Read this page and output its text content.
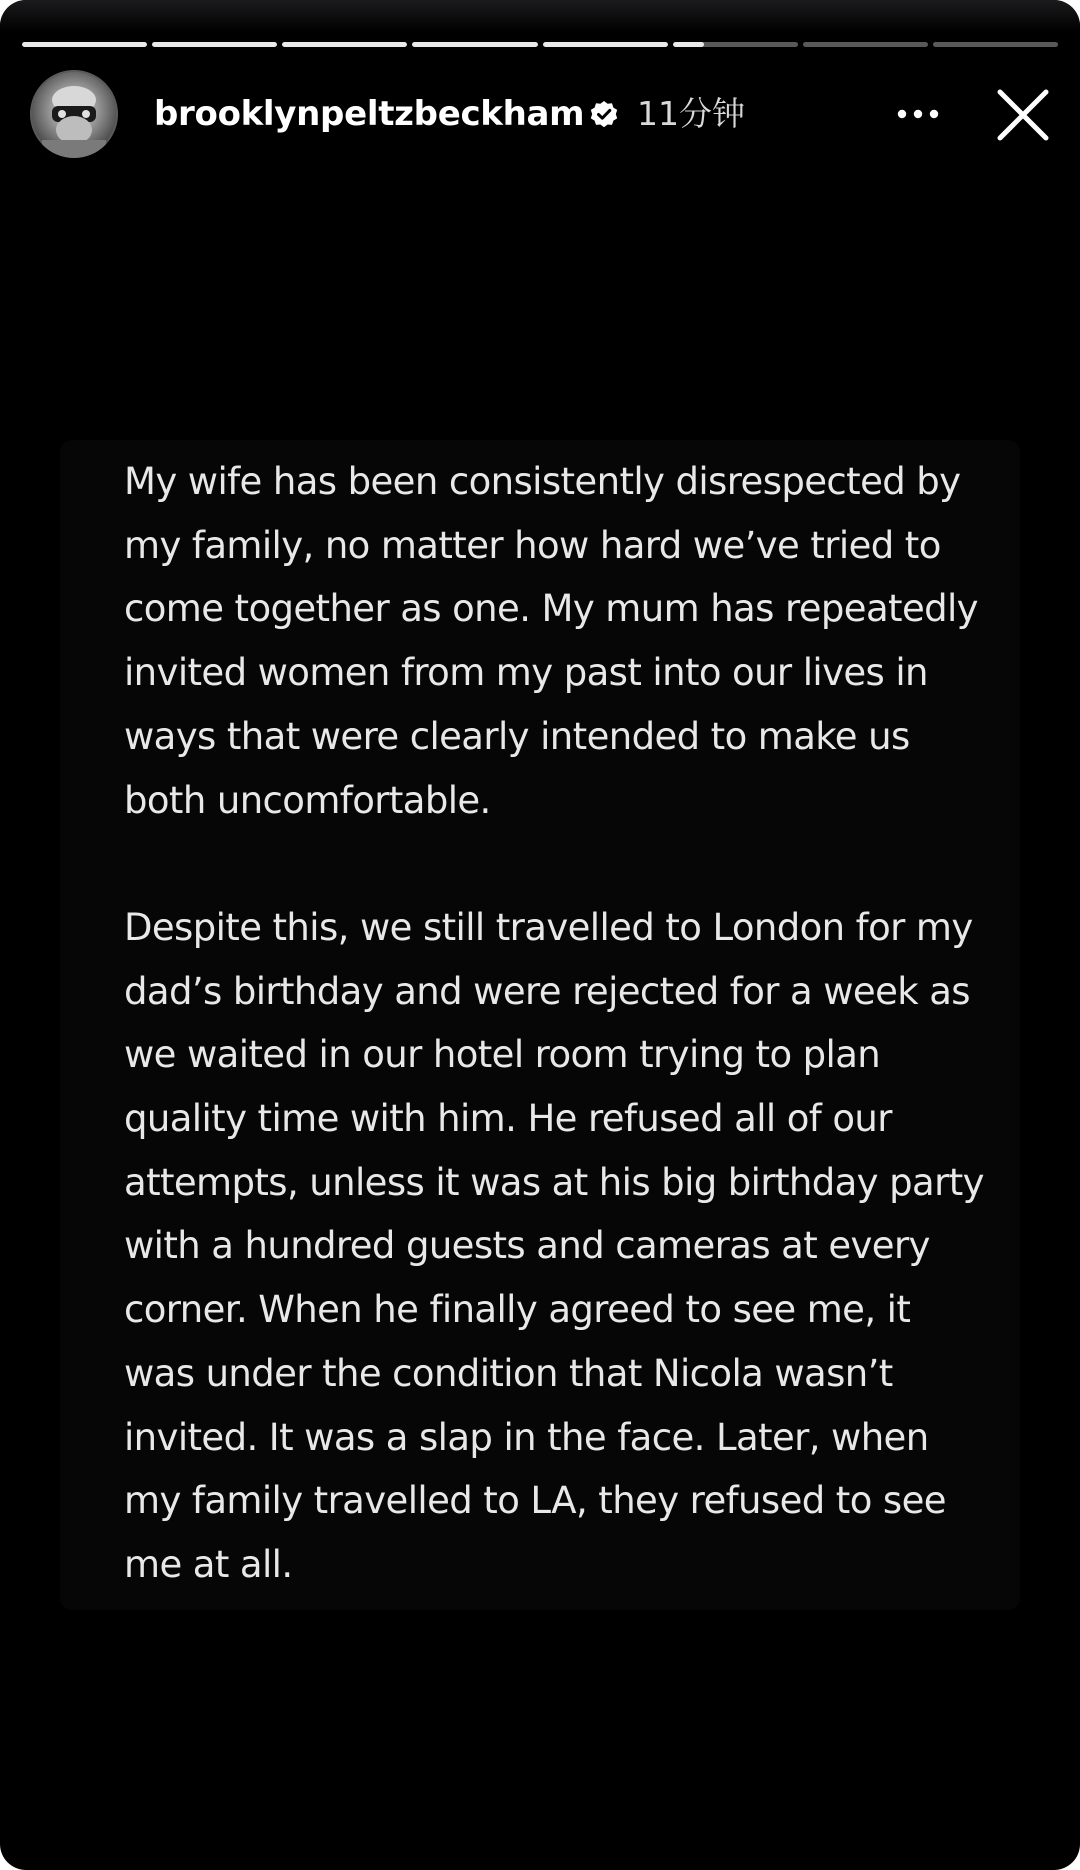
brooklynpeltzbeckham 11分钟

My wife has been consistently disrespected by my family, no matter how hard we’ve tried to come together as one. My mum has repeatedly invited women from my past into our lives in ways that were clearly intended to make us both uncomfortable.

Despite this, we still travelled to London for my dad’s birthday and were rejected for a week as we waited in our hotel room trying to plan quality time with him. He refused all of our attempts, unless it was at his big birthday party with a hundred guests and cameras at every corner. When he finally agreed to see me, it was under the condition that Nicola wasn’t invited. It was a slap in the face. Later, when my family travelled to LA, they refused to see me at all.
